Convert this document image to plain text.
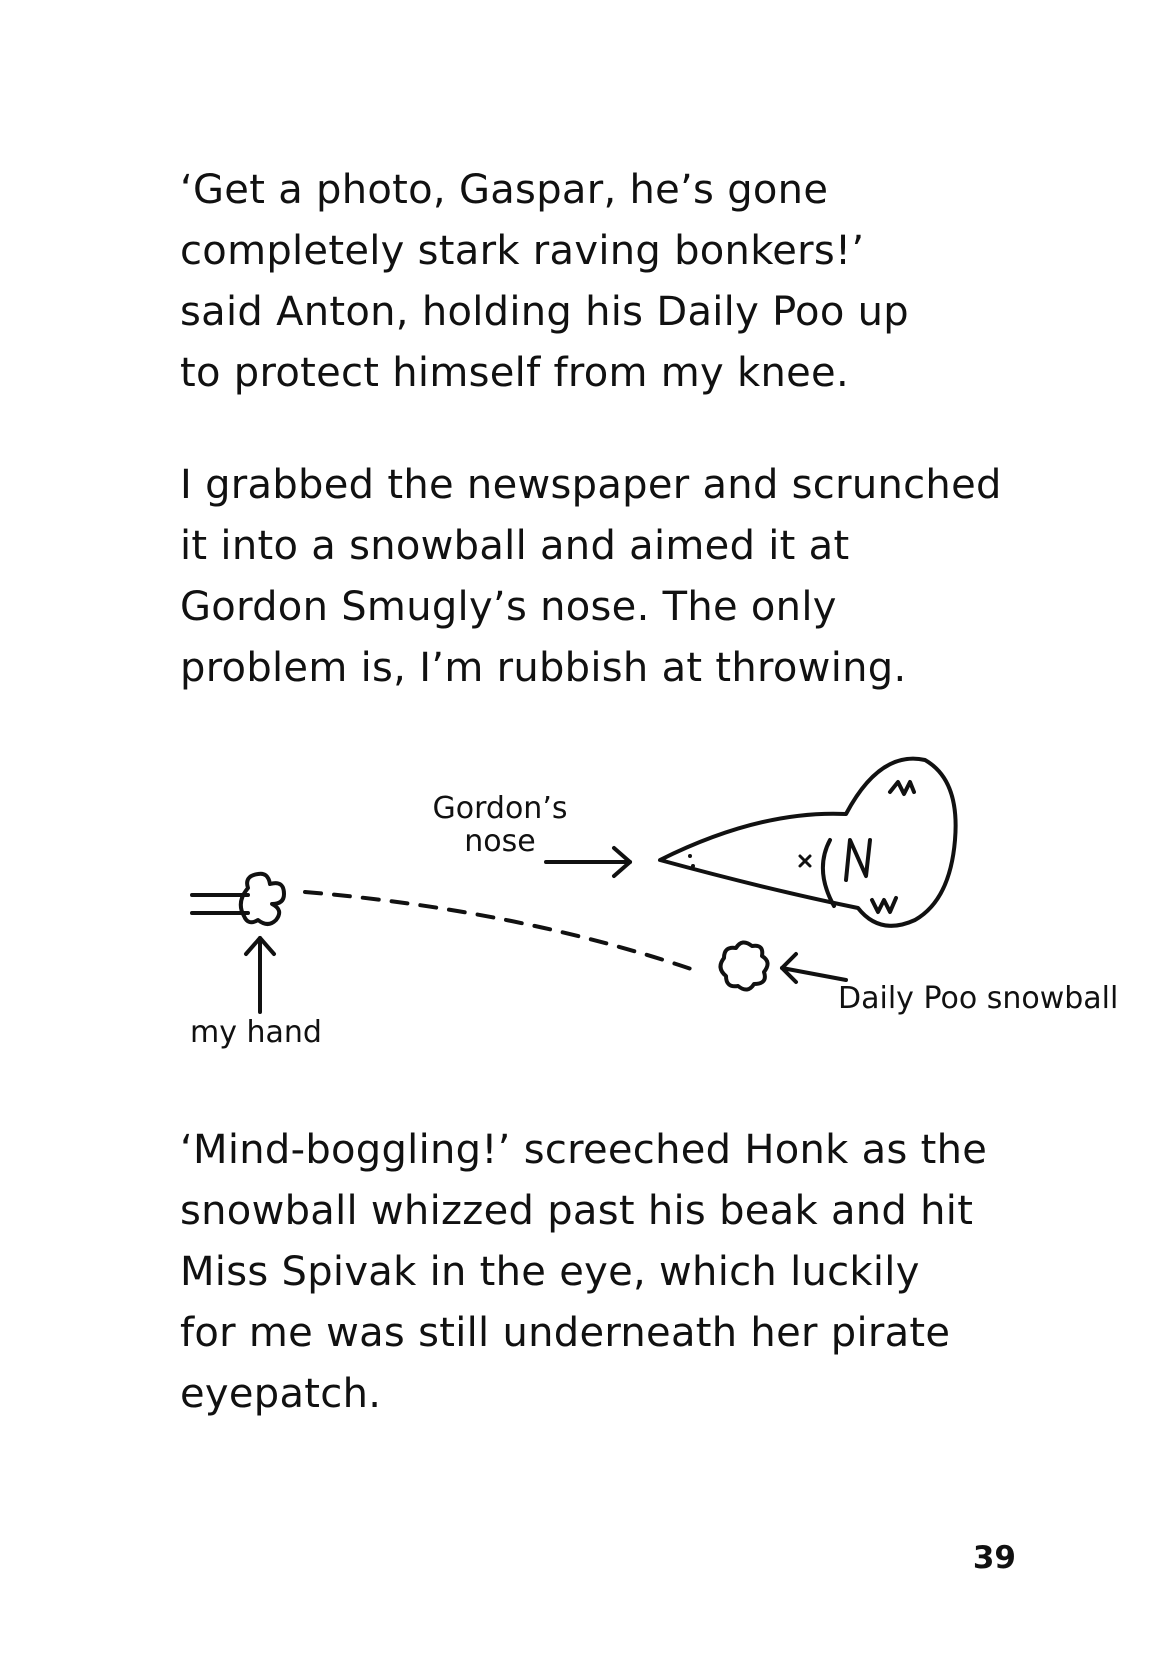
‘Get a photo, Gaspar, he’s gone
completely stark raving bonkers!’
said Anton, holding his Daily Poo up
to protect himself from my knee.

I grabbed the newspaper and scrunched
it into a snowball and aimed it at
Gordon Smugly’s nose. The only
problem is, I’m rubbish at throwing.

Gordon’s
nose
my hand
Daily Poo snowball

‘Mind-boggling!’ screeched Honk as the
snowball whizzed past his beak and hit
Miss Spivak in the eye, which luckily
for me was still underneath her pirate
eyepatch.

39
